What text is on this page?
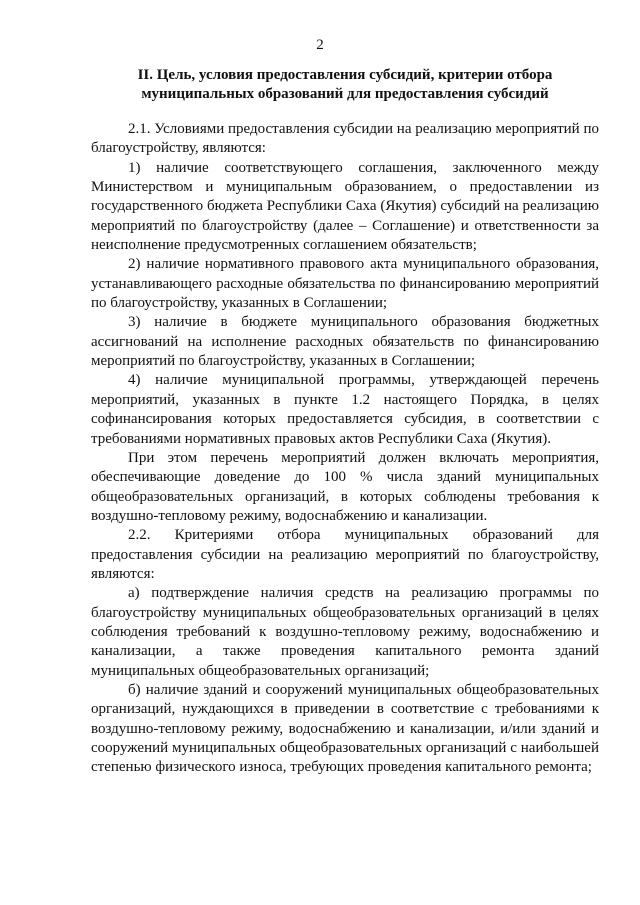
2
II. Цель, условия предоставления субсидий, критерии отбора
муниципальных образований для предоставления субсидий

2.1. Условиями предоставления субсидии на реализацию мероприятий по благоустройству, являются:

1) наличие соответствующего соглашения, заключенного между Министерством и муниципальным образованием, о предоставлении из государственного бюджета Республики Саха (Якутия) субсидий на реализацию мероприятий по благоустройству (далее – Соглашение) и ответственности за неисполнение предусмотренных соглашением обязательств;

2) наличие нормативного правового акта муниципального образования, устанавливающего расходные обязательства по финансированию мероприятий по благоустройству, указанных в Соглашении;

3) наличие в бюджете муниципального образования бюджетных ассигнований на исполнение расходных обязательств по финансированию мероприятий по благоустройству, указанных в Соглашении;

4) наличие муниципальной программы, утверждающей перечень мероприятий, указанных в пункте 1.2 настоящего Порядка, в целях софинансирования которых предоставляется субсидия, в соответствии с требованиями нормативных правовых актов Республики Саха (Якутия).

При этом перечень мероприятий должен включать мероприятия, обеспечивающие доведение до 100 % числа зданий муниципальных общеобразовательных организаций, в которых соблюдены требования к воздушно-тепловому режиму, водоснабжению и канализации.

2.2. Критериями отбора муниципальных образований для предоставления субсидии на реализацию мероприятий по благоустройству, являются:

а) подтверждение наличия средств на реализацию программы по благоустройству муниципальных общеобразовательных организаций в целях соблюдения требований к воздушно-тепловому режиму, водоснабжению и канализации, а также проведения капитального ремонта зданий муниципальных общеобразовательных организаций;

б) наличие зданий и сооружений муниципальных общеобразовательных организаций, нуждающихся в приведении в соответствие с требованиями к воздушно-тепловому режиму, водоснабжению и канализации, и/или зданий и сооружений муниципальных общеобразовательных организаций с наибольшей степенью физического износа, требующих проведения капитального ремонта;
